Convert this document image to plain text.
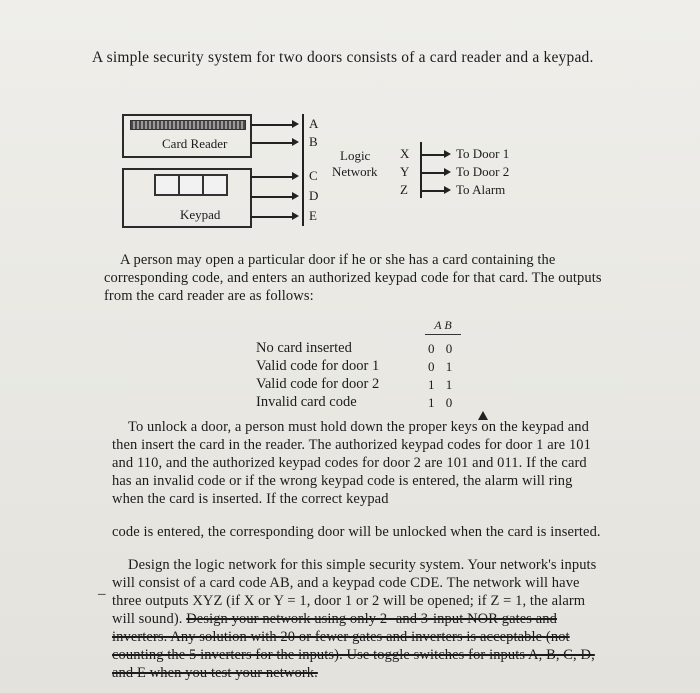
A simple security system for two doors consists of a card reader and a keypad.
Card Reader
Keypad
A
B
C
D
E
Logic
Network
X
Y
Z
To Door 1
To Door 2
To Alarm
A person may open a particular door if he or she has a card containing the corresponding code, and enters an authorized keypad code for that card. The outputs from the card reader are as follows:
A B
No card inserted	0 0
Valid code for door 1	0 1
Valid code for door 2	1 1
Invalid card code	1 0
To unlock a door, a person must hold down the proper keys on the keypad and then insert the card in the reader. The authorized keypad codes for door 1 are 101 and 110, and the authorized keypad codes for door 2 are 101 and 011. If the card has an invalid code or if the wrong keypad code is entered, the alarm will ring when the card is inserted. If the correct keypad
code is entered, the corresponding door will be unlocked when the card is inserted.
–
Design the logic network for this simple security system. Your network's inputs will consist of a card code AB, and a keypad code CDE. The network will have three outputs XYZ (if X or Y = 1, door 1 or 2 will be opened; if Z = 1, the alarm will sound). Design your network using only 2- and 3-input NOR gates and inverters. Any solution with 20 or fewer gates and inverters is acceptable (not counting the 5 inverters for the inputs). Use toggle switches for inputs A, B, C, D, and E when you test your network.
